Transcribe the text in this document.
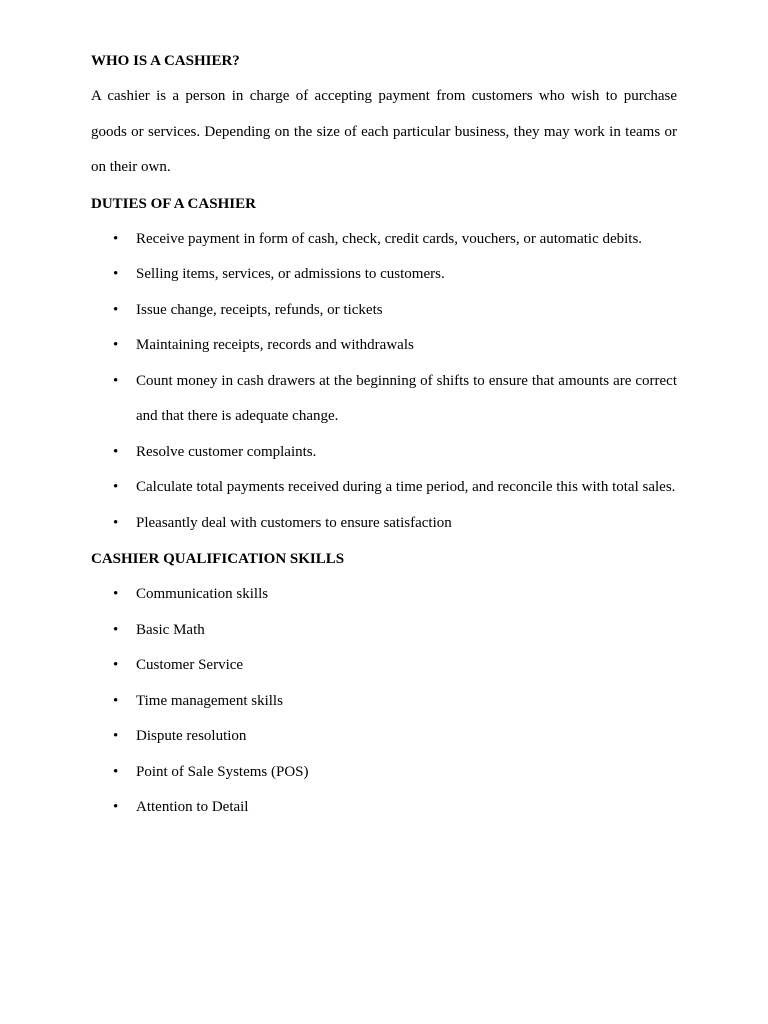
WHO IS A CASHIER?

A cashier is a person in charge of accepting payment from customers who wish to purchase goods or services. Depending on the size of each particular business, they may work in teams or on their own.

DUTIES OF A CASHIER

•	Receive payment in form of cash, check, credit cards, vouchers, or automatic debits.
•	Selling items, services, or admissions to customers.
•	Issue change, receipts, refunds, or tickets
•	Maintaining receipts, records and withdrawals
•	Count money in cash drawers at the beginning of shifts to ensure that amounts are correct and that there is adequate change.
•	Resolve customer complaints.
•	Calculate total payments received during a time period, and reconcile this with total sales.
•	Pleasantly deal with customers to ensure satisfaction

CASHIER QUALIFICATION SKILLS

•	Communication skills
•	Basic Math
•	Customer Service
•	Time management skills
•	Dispute resolution
•	Point of Sale Systems (POS)
•	Attention to Detail
